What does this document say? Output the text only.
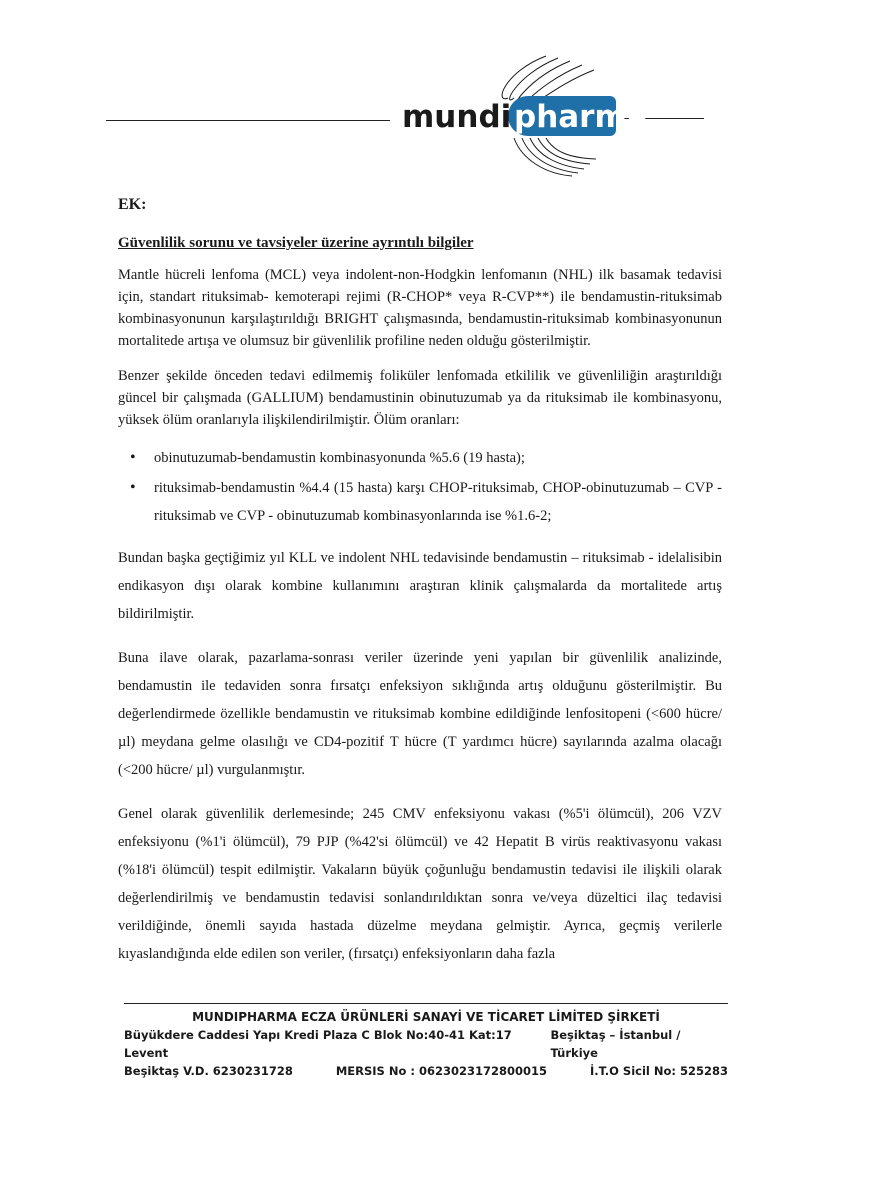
mundi pharma

EK:

Güvenlilik sorunu ve tavsiyeler üzerine ayrıntılı bilgiler

Mantle hücreli lenfoma (MCL) veya indolent-non-Hodgkin lenfomanın (NHL) ilk basamak tedavisi için, standart rituksimab- kemoterapi rejimi (R-CHOP* veya R-CVP**) ile bendamustin-rituksimab kombinasyonunun karşılaştırıldığı BRIGHT çalışmasında, bendamustin-rituksimab kombinasyonunun mortalitede artışa ve olumsuz bir güvenlilik profiline neden olduğu gösterilmiştir.

Benzer şekilde önceden tedavi edilmemiş foliküler lenfomada etkililik ve güvenliliğin araştırıldığı güncel bir çalışmada (GALLIUM) bendamustinin obinutuzumab ya da rituksimab ile kombinasyonu, yüksek ölüm oranlarıyla ilişkilendirilmiştir. Ölüm oranları:

• obinutuzumab-bendamustin kombinasyonunda %5.6 (19 hasta);
• rituksimab-bendamustin %4.4 (15 hasta) karşı CHOP-rituksimab, CHOP-obinutuzumab – CVP - rituksimab ve CVP - obinutuzumab kombinasyonlarında ise %1.6-2;

Bundan başka geçtiğimiz yıl KLL ve indolent NHL tedavisinde bendamustin – rituksimab - idelalisibin endikasyon dışı olarak kombine kullanımını araştıran klinik çalışmalarda da mortalitede artış bildirilmiştir.

Buna ilave olarak, pazarlama-sonrası veriler üzerinde yeni yapılan bir güvenlilik analizinde, bendamustin ile tedaviden sonra fırsatçı enfeksiyon sıklığında artış olduğunu gösterilmiştir. Bu değerlendirmede özellikle bendamustin ve rituksimab kombine edildiğinde lenfositopeni (<600 hücre/µl) meydana gelme olasılığı ve CD4-pozitif T hücre (T yardımcı hücre) sayılarında azalma olacağı (<200 hücre/ µl) vurgulanmıştır.

Genel olarak güvenlilik derlemesinde; 245 CMV enfeksiyonu vakası (%5'i ölümcül), 206 VZV enfeksiyonu (%1'i ölümcül), 79 PJP (%42'si ölümcül) ve 42 Hepatit B virüs reaktivasyonu vakası (%18'i ölümcül) tespit edilmiştir. Vakaların büyük çoğunluğu bendamustin tedavisi ile ilişkili olarak değerlendirilmiş ve bendamustin tedavisi sonlandırıldıktan sonra ve/veya düzeltici ilaç tedavisi verildiğinde, önemli sayıda hastada düzelme meydana gelmiştir. Ayrıca, geçmiş verilerle kıyaslandığında elde edilen son veriler, (fırsatçı) enfeksiyonların daha fazla

MUNDIPHARMA ECZA ÜRÜNLERİ SANAYİ VE TİCARET LİMİTED ŞİRKETİ
Büyükdere Caddesi Yapı Kredi Plaza C Blok No:40-41 Kat:17 Levent
Beşiktaş – İstanbul / Türkiye
Beşiktaş V.D. 6230231728	MERSIS No : 0623023172800015	İ.T.O Sicil No: 525283
